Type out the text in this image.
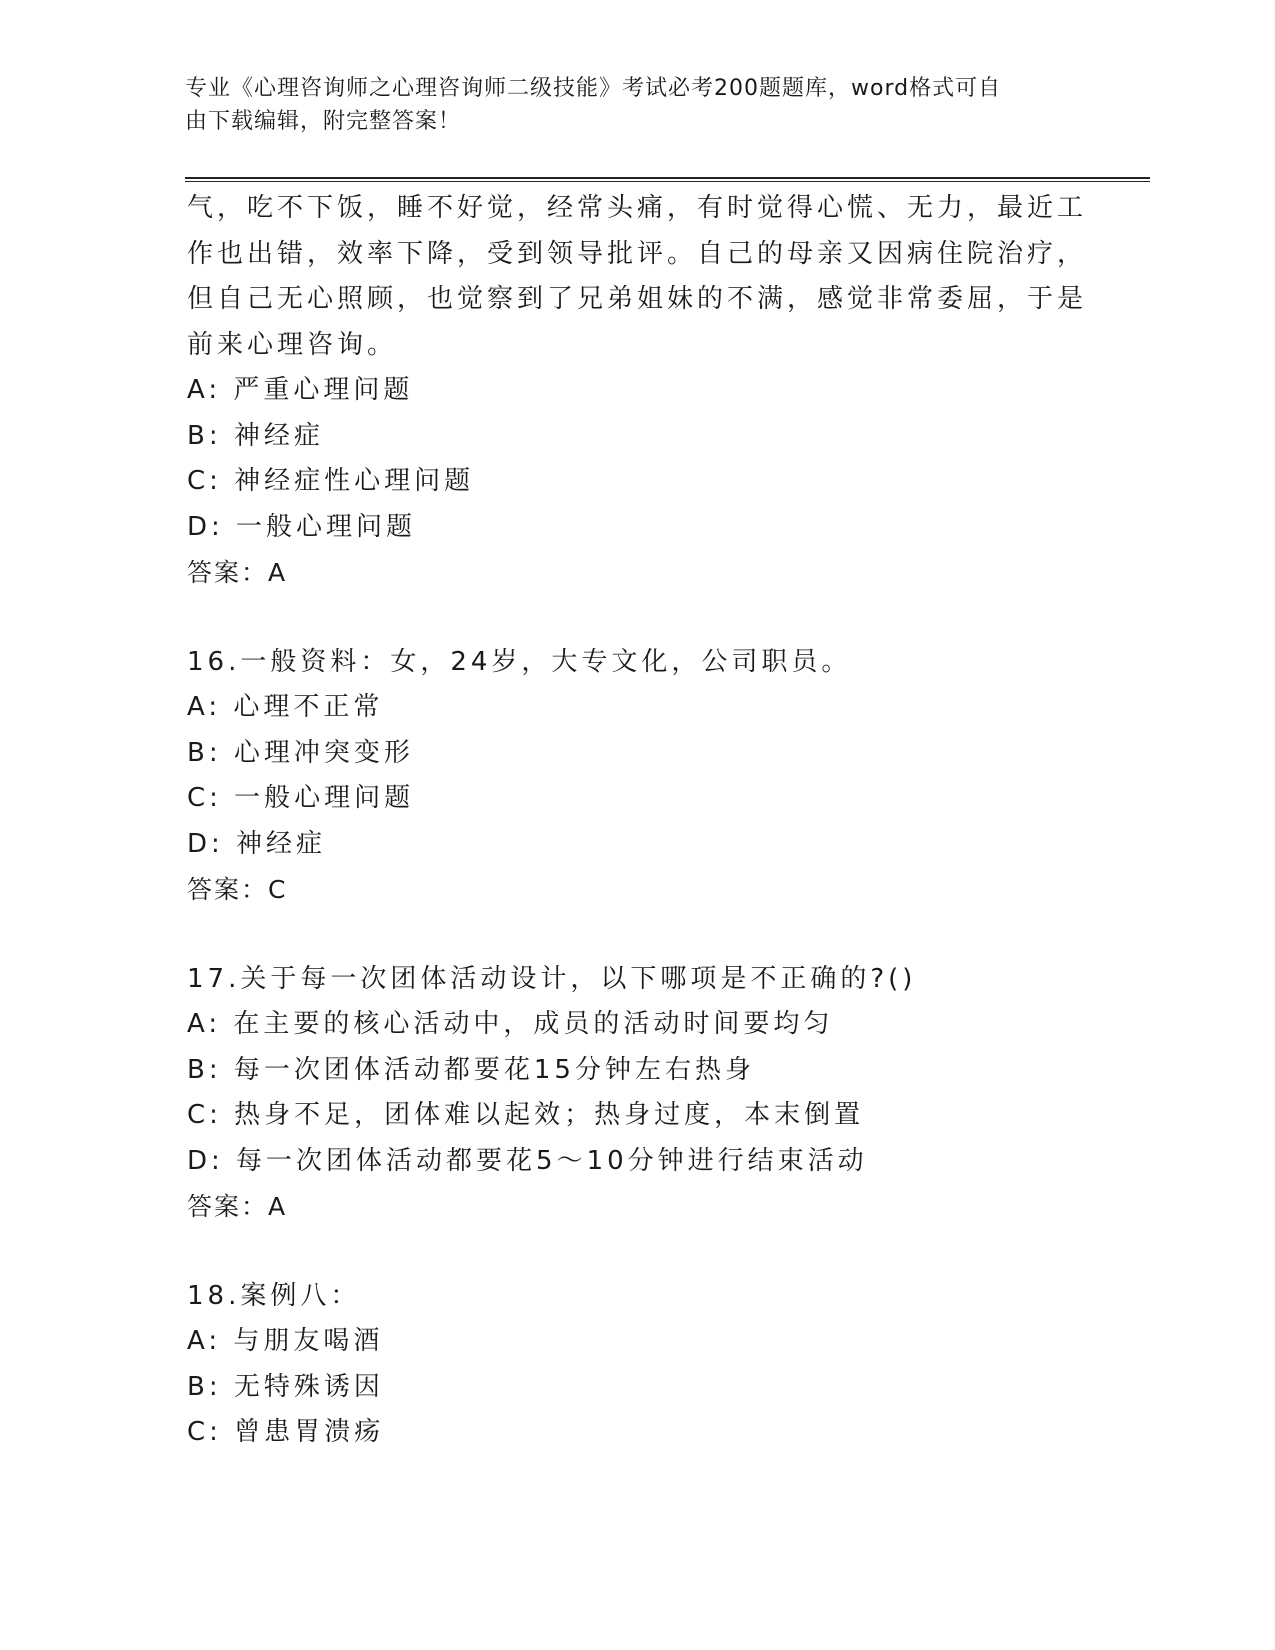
专业《心理咨询师之心理咨询师二级技能》考试必考200题题库，word格式可自
由下载编辑，附完整答案！
气，吃不下饭，睡不好觉，经常头痛，有时觉得心慌、无力，最近工
作也出错，效率下降，受到领导批评。自己的母亲又因病住院治疗，
但自己无心照顾，也觉察到了兄弟姐妹的不满，感觉非常委屈，于是
前来心理咨询。
A: 严重心理问题
B: 神经症
C: 神经症性心理问题
D: 一般心理问题
答案：A
16.一般资料：女，24岁，大专文化，公司职员。
A: 心理不正常
B: 心理冲突变形
C: 一般心理问题
D: 神经症
答案：C
17.关于每一次团体活动设计，以下哪项是不正确的?()
A: 在主要的核心活动中，成员的活动时间要均匀
B: 每一次团体活动都要花15分钟左右热身
C: 热身不足，团体难以起效；热身过度，本末倒置
D: 每一次团体活动都要花5～10分钟进行结束活动
答案：A
18.案例八：
A: 与朋友喝酒
B: 无特殊诱因
C: 曾患胃溃疡
